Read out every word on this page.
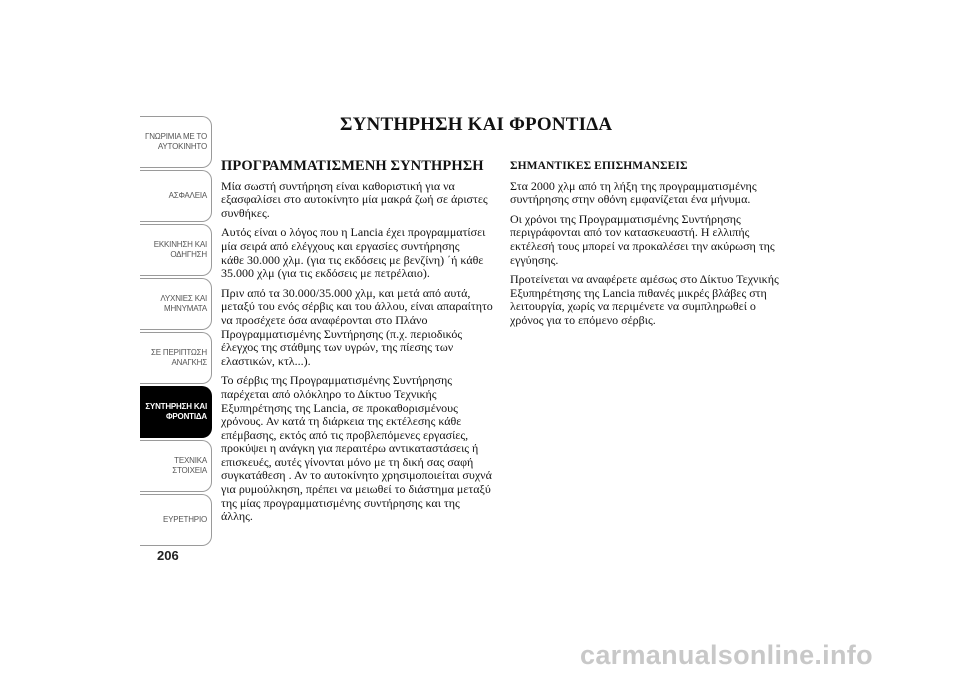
ΓΝΩΡΙΜΙΑ ΜΕ ΤΟ
ΑΥΤΟΚΙΝΗΤΟ
ΑΣΦΑΛΕΙΑ
ΕΚΚΙΝΗΣΗ ΚΑΙ
ΟΔΗΓΗΣΗ
ΛΥΧΝΙΕΣ ΚΑΙ
ΜΗΝΥΜΑΤΑ
ΣΕ ΠΕΡΙΠΤΩΣΗ
ΑΝΑΓΚΗΣ
ΣΥΝΤΗΡΗΣΗ ΚΑΙ
ΦΡΟΝΤΙΔΑ
ΤΕΧΝΙΚΑ ΣΤΟΙΧΕΙΑ
ΕΥΡΕΤΗΡΙΟ
206
ΣΥΝΤΗΡΗΣΗ ΚΑΙ ΦΡΟΝΤΙΔΑ
ΠΡΟΓΡΑΜΜΑΤΙΣΜΕΝΗ ΣΥΝΤΗΡΗΣΗ

Μία σωστή συντήρηση είναι καθοριστική για να
εξασφαλίσει στο αυτοκίνητο μία μακρά ζωή σε άριστες
συνθήκες.

Αυτός είναι ο λόγος που η Lancia έχει προγραμματίσει
μία σειρά από ελέγχους και εργασίες συντήρησης
κάθε 30.000 χλμ. (για τις εκδόσεις με βενζίνη) ΄ή κάθε
35.000 χλμ (για τις εκδόσεις με πετρέλαιο).

Πριν από τα 30.000/35.000 χλμ, και μετά από αυτά,
μεταξύ του ενός σέρβις και του άλλου, είναι απαραίτητο
να προσέχετε όσα αναφέρονται στο Πλάνο
Προγραμματισμένης Συντήρησης (π.χ. περιοδικός
έλεγχος της στάθμης των υγρών, της πίεσης των
ελαστικών, κτλ...).

Το σέρβις της Προγραμματισμένης Συντήρησης
παρέχεται από ολόκληρο το Δίκτυο Τεχνικής
Εξυπηρέτησης της Lancia, σε προκαθορισμένους
χρόνους. Αν κατά τη διάρκεια της εκτέλεσης κάθε
επέμβασης, εκτός από τις προβλεπόμενες εργασίες,
προκύψει η ανάγκη για περαιτέρω αντικαταστάσεις ή
επισκευές, αυτές γίνονται μόνο με τη δική σας σαφή
συγκατάθεση . Αν το αυτοκίνητο χρησιμοποιείται συχνά
για ρυμούλκηση, πρέπει να μειωθεί το διάστημα μεταξύ
της μίας προγραμματισμένης συντήρησης και της
άλλης.

ΣΗΜΑΝΤΙΚΕΣ ΕΠΙΣΗΜΑΝΣΕΙΣ

Στα 2000 χλμ από τη λήξη της προγραμματισμένης
συντήρησης στην οθόνη εμφανίζεται ένα μήνυμα.

Οι χρόνοι της Προγραμματισμένης Συντήρησης
περιγράφονται από τον κατασκευαστή. Η ελλιπής
εκτέλεσή τους μπορεί να προκαλέσει την ακύρωση της
εγγύησης.

Προτείνεται να αναφέρετε αμέσως στο Δίκτυο Τεχνικής
Εξυπηρέτησης της Lancia πιθανές μικρές βλάβες στη
λειτουργία, χωρίς να περιμένετε να συμπληρωθεί ο
χρόνος για το επόμενο σέρβις.

carmanualsonline.info
